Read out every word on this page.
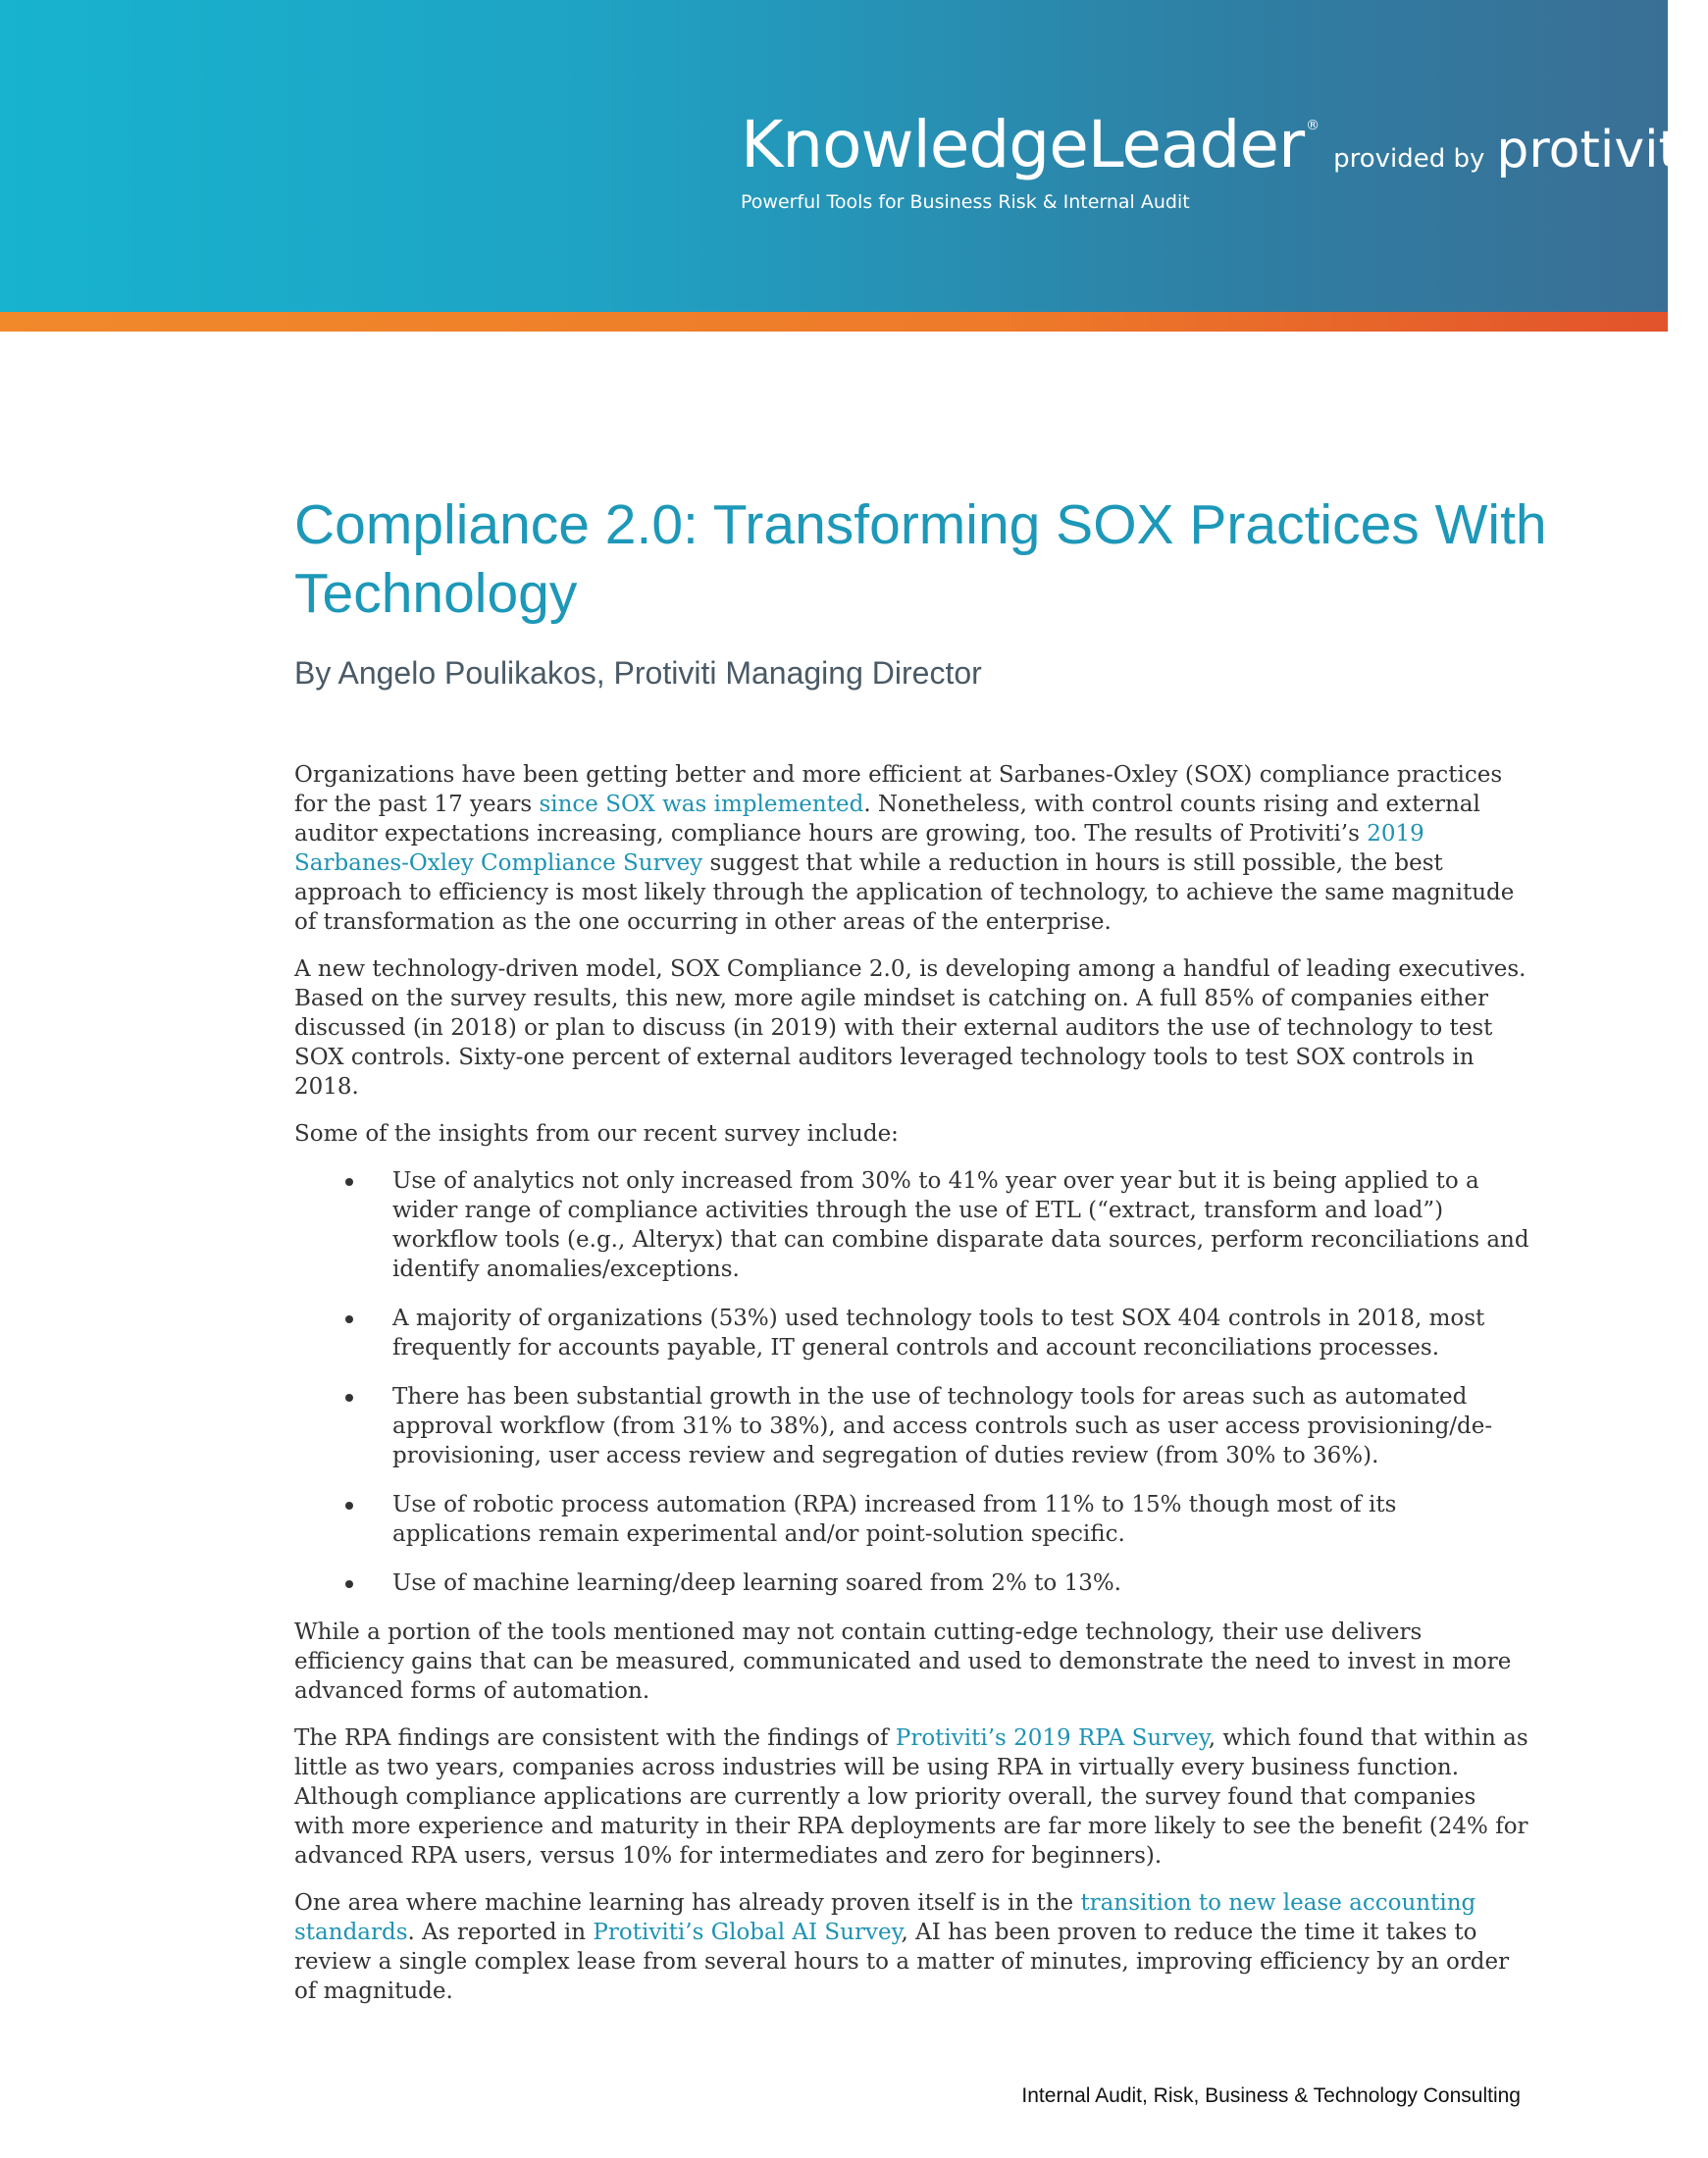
KnowledgeLeader ®
provided by protiviti ®
Powerful Tools for Business Risk & Internal Audit
Compliance 2.0: Transforming SOX Practices With Technology

By Angelo Poulikakos, Protiviti Managing Director

Organizations have been getting better and more efficient at Sarbanes-Oxley (SOX) compliance practices for the past 17 years since SOX was implemented. Nonetheless, with control counts rising and external auditor expectations increasing, compliance hours are growing, too. The results of Protiviti’s 2019 Sarbanes-Oxley Compliance Survey suggest that while a reduction in hours is still possible, the best approach to efficiency is most likely through the application of technology, to achieve the same magnitude of transformation as the one occurring in other areas of the enterprise.

A new technology-driven model, SOX Compliance 2.0, is developing among a handful of leading executives. Based on the survey results, this new, more agile mindset is catching on. A full 85% of companies either discussed (in 2018) or plan to discuss (in 2019) with their external auditors the use of technology to test SOX controls. Sixty-one percent of external auditors leveraged technology tools to test SOX controls in 2018.

Some of the insights from our recent survey include:

Use of analytics not only increased from 30% to 41% year over year but it is being applied to a wider range of compliance activities through the use of ETL (“extract, transform and load”) workflow tools (e.g., Alteryx) that can combine disparate data sources, perform reconciliations and identify anomalies/exceptions.
A majority of organizations (53%) used technology tools to test SOX 404 controls in 2018, most frequently for accounts payable, IT general controls and account reconciliations processes.
There has been substantial growth in the use of technology tools for areas such as automated approval workflow (from 31% to 38%), and access controls such as user access provisioning/de-provisioning, user access review and segregation of duties review (from 30% to 36%).
Use of robotic process automation (RPA) increased from 11% to 15% though most of its applications remain experimental and/or point-solution specific.
Use of machine learning/deep learning soared from 2% to 13%.

While a portion of the tools mentioned may not contain cutting-edge technology, their use delivers efficiency gains that can be measured, communicated and used to demonstrate the need to invest in more advanced forms of automation.

The RPA findings are consistent with the findings of Protiviti’s 2019 RPA Survey, which found that within as little as two years, companies across industries will be using RPA in virtually every business function. Although compliance applications are currently a low priority overall, the survey found that companies with more experience and maturity in their RPA deployments are far more likely to see the benefit (24% for advanced RPA users, versus 10% for intermediates and zero for beginners).

One area where machine learning has already proven itself is in the transition to new lease accounting standards. As reported in Protiviti’s Global AI Survey, AI has been proven to reduce the time it takes to review a single complex lease from several hours to a matter of minutes, improving efficiency by an order of magnitude.

Internal Audit, Risk, Business & Technology Consulting
